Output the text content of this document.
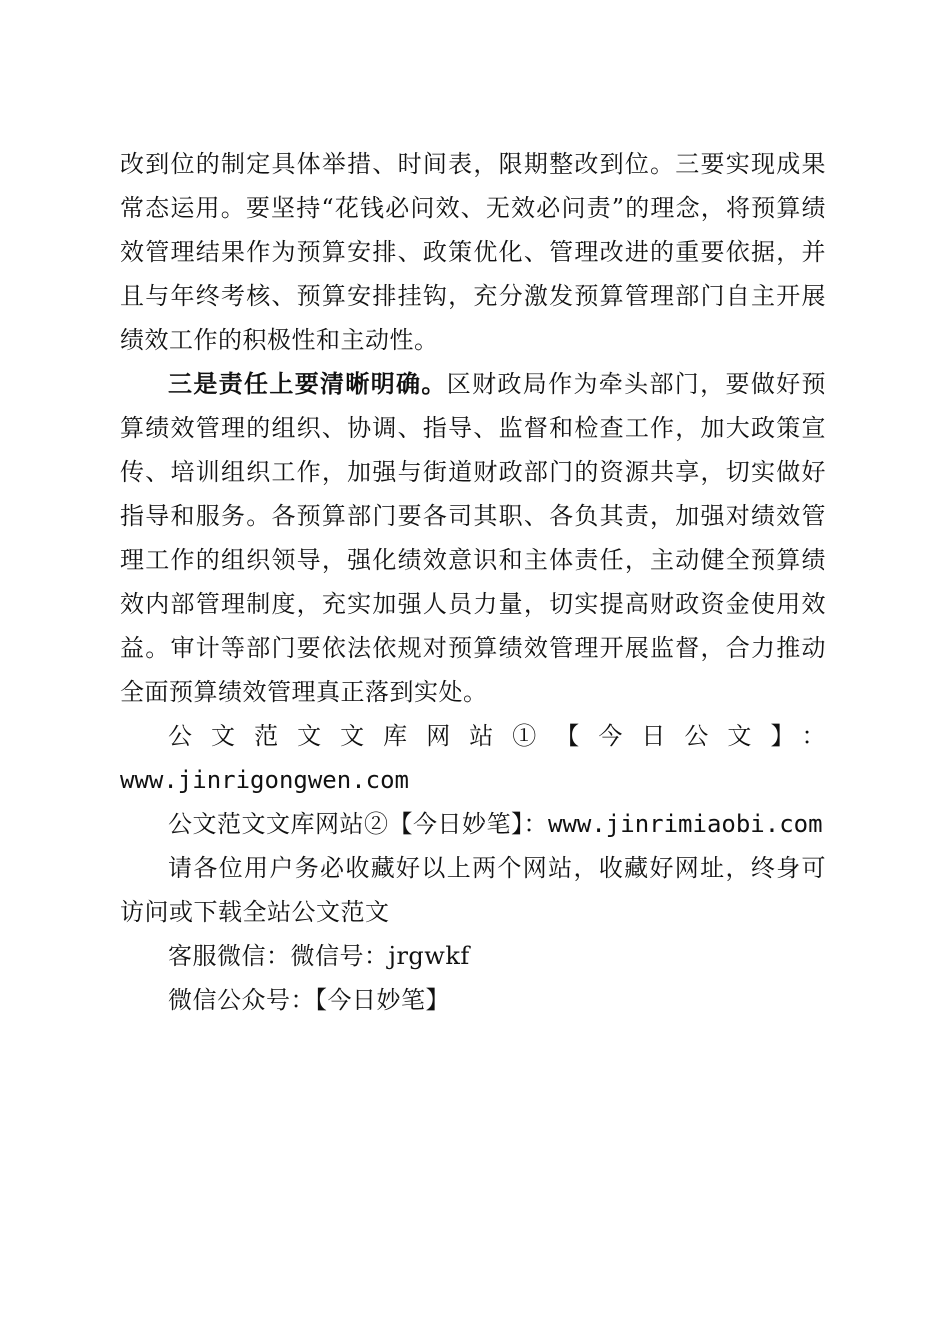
改到位的制定具体举措、时间表，限期整改到位。三要实现成果常态运用。要坚持“花钱必问效、无效必问责”的理念，将预算绩效管理结果作为预算安排、政策优化、管理改进的重要依据，并且与年终考核、预算安排挂钩，充分激发预算管理部门自主开展绩效工作的积极性和主动性。

三是责任上要清晰明确。区财政局作为牵头部门，要做好预算绩效管理的组织、协调、指导、监督和检查工作，加大政策宣传、培训组织工作，加强与街道财政部门的资源共享，切实做好指导和服务。各预算部门要各司其职、各负其责，加强对绩效管理工作的组织领导，强化绩效意识和主体责任，主动健全预算绩效内部管理制度，充实加强人员力量，切实提高财政资金使用效益。审计等部门要依法依规对预算绩效管理开展监督，合力推动全面预算绩效管理真正落到实处。

公文范文文库网站①【今日公文】：

www.jinrigongwen.com

公文范文文库网站②【今日妙笔】：www.jinrimiaobi.com

请各位用户务必收藏好以上两个网站，收藏好网址，终身可访问或下载全站公文范文

客服微信：微信号：jrgwkf

微信公众号：【今日妙笔】
